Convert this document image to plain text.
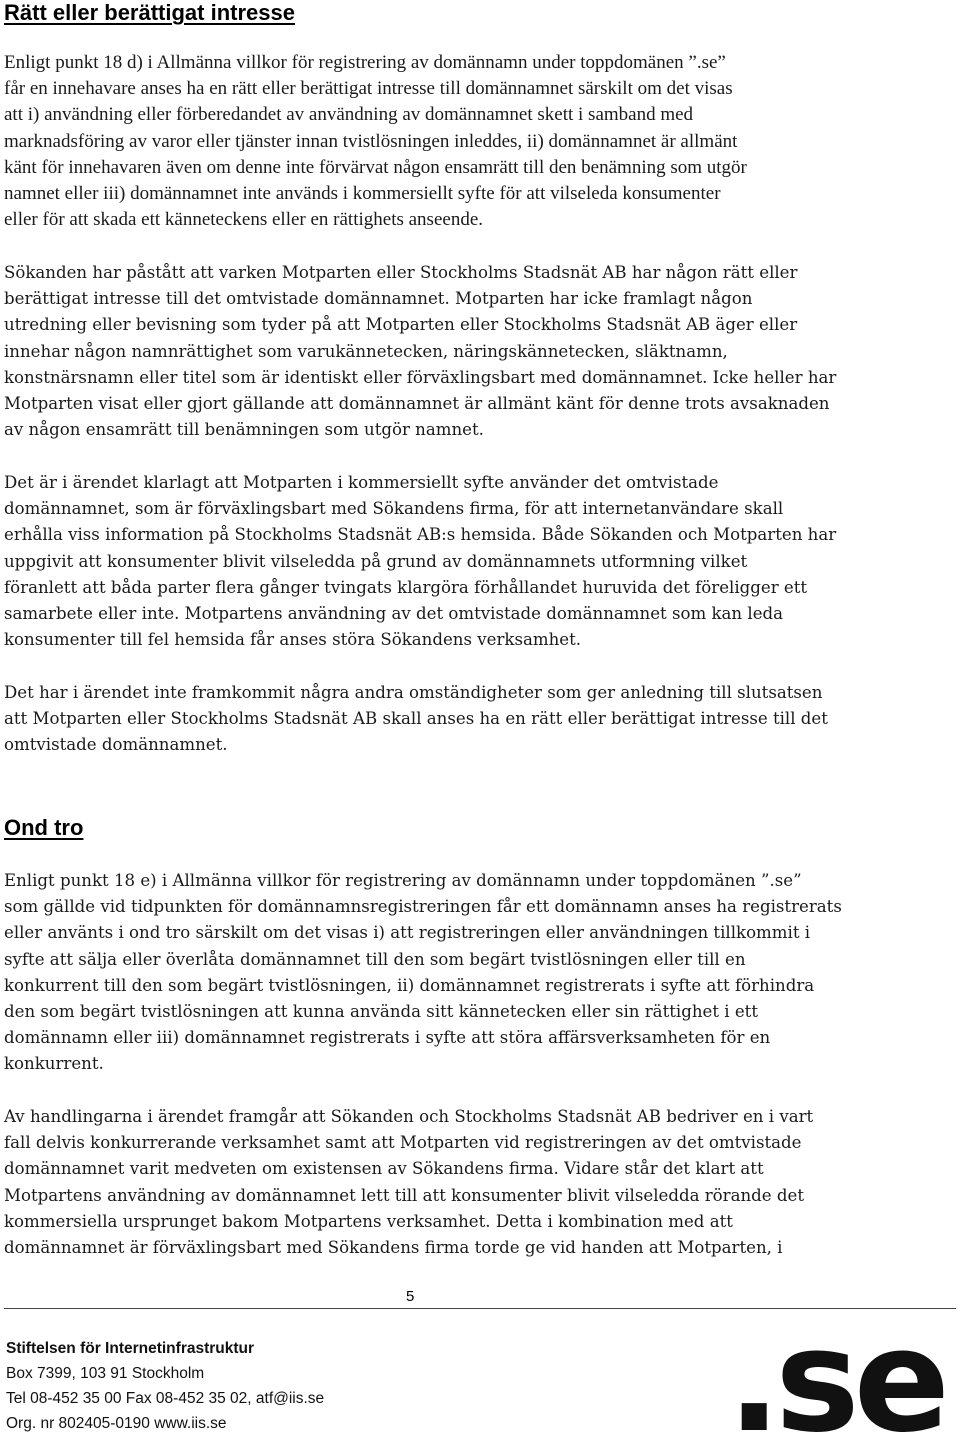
Rätt eller berättigat intresse
Enligt punkt 18 d) i Allmänna villkor för registrering av domännamn under toppdomänen ”.se”
får en innehavare anses ha en rätt eller berättigat intresse till domännamnet särskilt om det visas
att i) användning eller förberedandet av användning av domännamnet skett i samband med
marknadsföring av varor eller tjänster innan tvistlösningen inleddes, ii) domännamnet är allmänt
känt för innehavaren även om denne inte förvärvat någon ensamrätt till den benämning som utgör
namnet eller iii) domännamnet inte används i kommersiellt syfte för att vilseleda konsumenter
eller för att skada ett känneteckens eller en rättighets anseende.
Sökanden har påstått att varken Motparten eller Stockholms Stadsnät AB har någon rätt eller
berättigat intresse till det omtvistade domännamnet. Motparten har icke framlagt någon
utredning eller bevisning som tyder på att Motparten eller Stockholms Stadsnät AB äger eller
innehar någon namnrättighet som varukännetecken, näringskännetecken, släktnamn,
konstnärsnamn eller titel som är identiskt eller förväxlingsbart med domännamnet. Icke heller har
Motparten visat eller gjort gällande att domännamnet är allmänt känt för denne trots avsaknaden
av någon ensamrätt till benämningen som utgör namnet.
Det är i ärendet klarlagt att Motparten i kommersiellt syfte använder det omtvistade
domännamnet, som är förväxlingsbart med Sökandens firma, för att internetanvändare skall
erhålla viss information på Stockholms Stadsnät AB:s hemsida. Både Sökanden och Motparten har
uppgivit att konsumenter blivit vilseledda på grund av domännamnets utformning vilket
föranlett att båda parter flera gånger tvingats klargöra förhållandet huruvida det föreligger ett
samarbete eller inte. Motpartens användning av det omtvistade domännamnet som kan leda
konsumenter till fel hemsida får anses störa Sökandens verksamhet.
Det har i ärendet inte framkommit några andra omständigheter som ger anledning till slutsatsen
att Motparten eller Stockholms Stadsnät AB skall anses ha en rätt eller berättigat intresse till det
omtvistade domännamnet.
Ond tro
Enligt punkt 18 e) i Allmänna villkor för registrering av domännamn under toppdomänen ”.se”
som gällde vid tidpunkten för domännamnsregistreringen får ett domännamn anses ha registrerats
eller använts i ond tro särskilt om det visas i) att registreringen eller användningen tillkommit i
syfte att sälja eller överlåta domännamnet till den som begärt tvistlösningen eller till en
konkurrent till den som begärt tvistlösningen, ii) domännamnet registrerats i syfte att förhindra
den som begärt tvistlösningen att kunna använda sitt kännetecken eller sin rättighet i ett
domännamn eller iii) domännamnet registrerats i syfte att störa affärsverksamheten för en
konkurrent.
Av handlingarna i ärendet framgår att Sökanden och Stockholms Stadsnät AB bedriver en i vart
fall delvis konkurrerande verksamhet samt att Motparten vid registreringen av det omtvistade
domännamnet varit medveten om existensen av Sökandens firma. Vidare står det klart att
Motpartens användning av domännamnet lett till att konsumenter blivit vilseledda rörande det
kommersiella ursprunget bakom Motpartens verksamhet. Detta i kombination med att
domännamnet är förväxlingsbart med Sökandens firma torde ge vid handen att Motparten, i
5
Stiftelsen för Internetinfrastruktur
Box 7399, 103 91 Stockholm
Tel 08-452 35 00 Fax 08-452 35 02, atf@iis.se
Org. nr 802405-0190 www.iis.se	.se
